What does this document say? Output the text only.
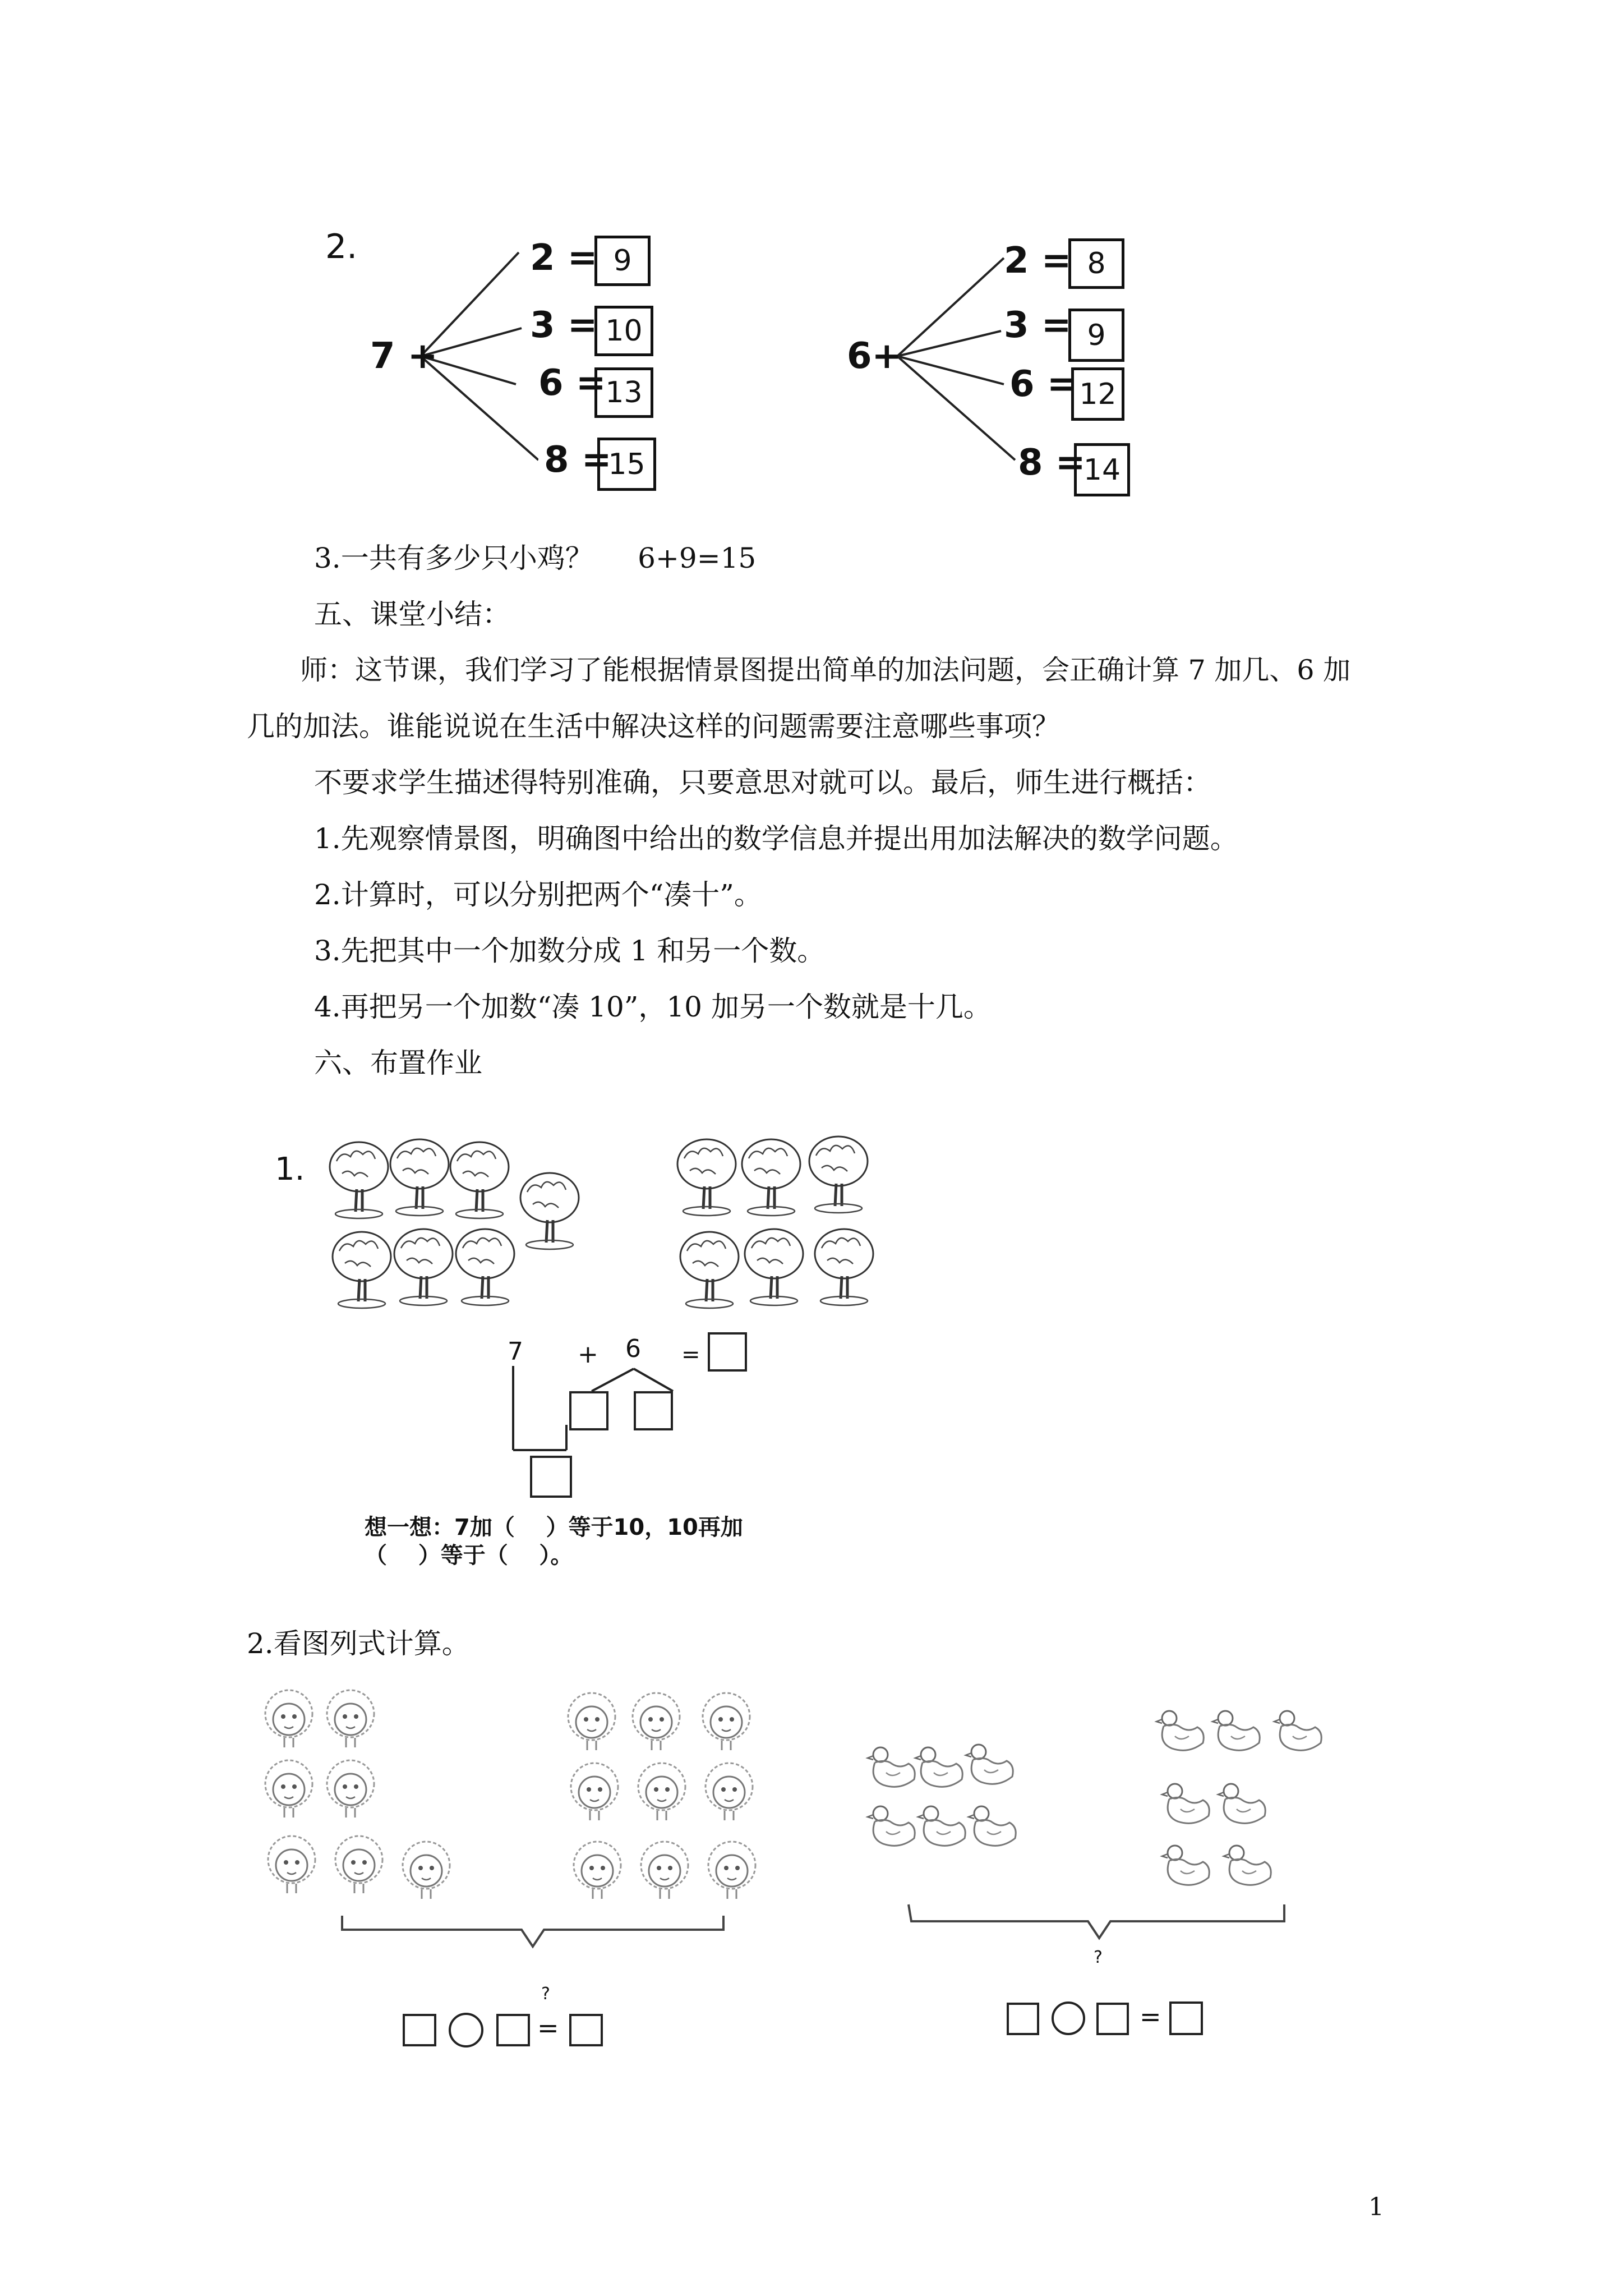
2.
7 +
2 = 9
3 = 10
6 =
13
8 =
15
6+
2 = 8
3 = 9
6 = 12
8 =
14
3.一共有多少只小鸡？     6+9=15
五、课堂小结：
师：这节课，我们学习了能根据情景图提出简单的加法问题，会正确计算 7 加几、6 加
几的加法。谁能说说在生活中解决这样的问题需要注意哪些事项？
不要求学生描述得特别准确，只要意思对就可以。最后，师生进行概括：
1.先观察情景图，明确图中给出的数学信息并提出用加法解决的数学问题。
2.计算时，可以分别把两个“凑十”。
3.先把其中一个加数分成 1 和另一个数。
4.再把另一个加数“凑 10”，10 加另一个数就是十几。
六、布置作业
1.
7 + 6 =
想一想：7加（    ）等于10，10再加
（    ）等于（    ）。
2.看图列式计算。
?
=
?
=
1
